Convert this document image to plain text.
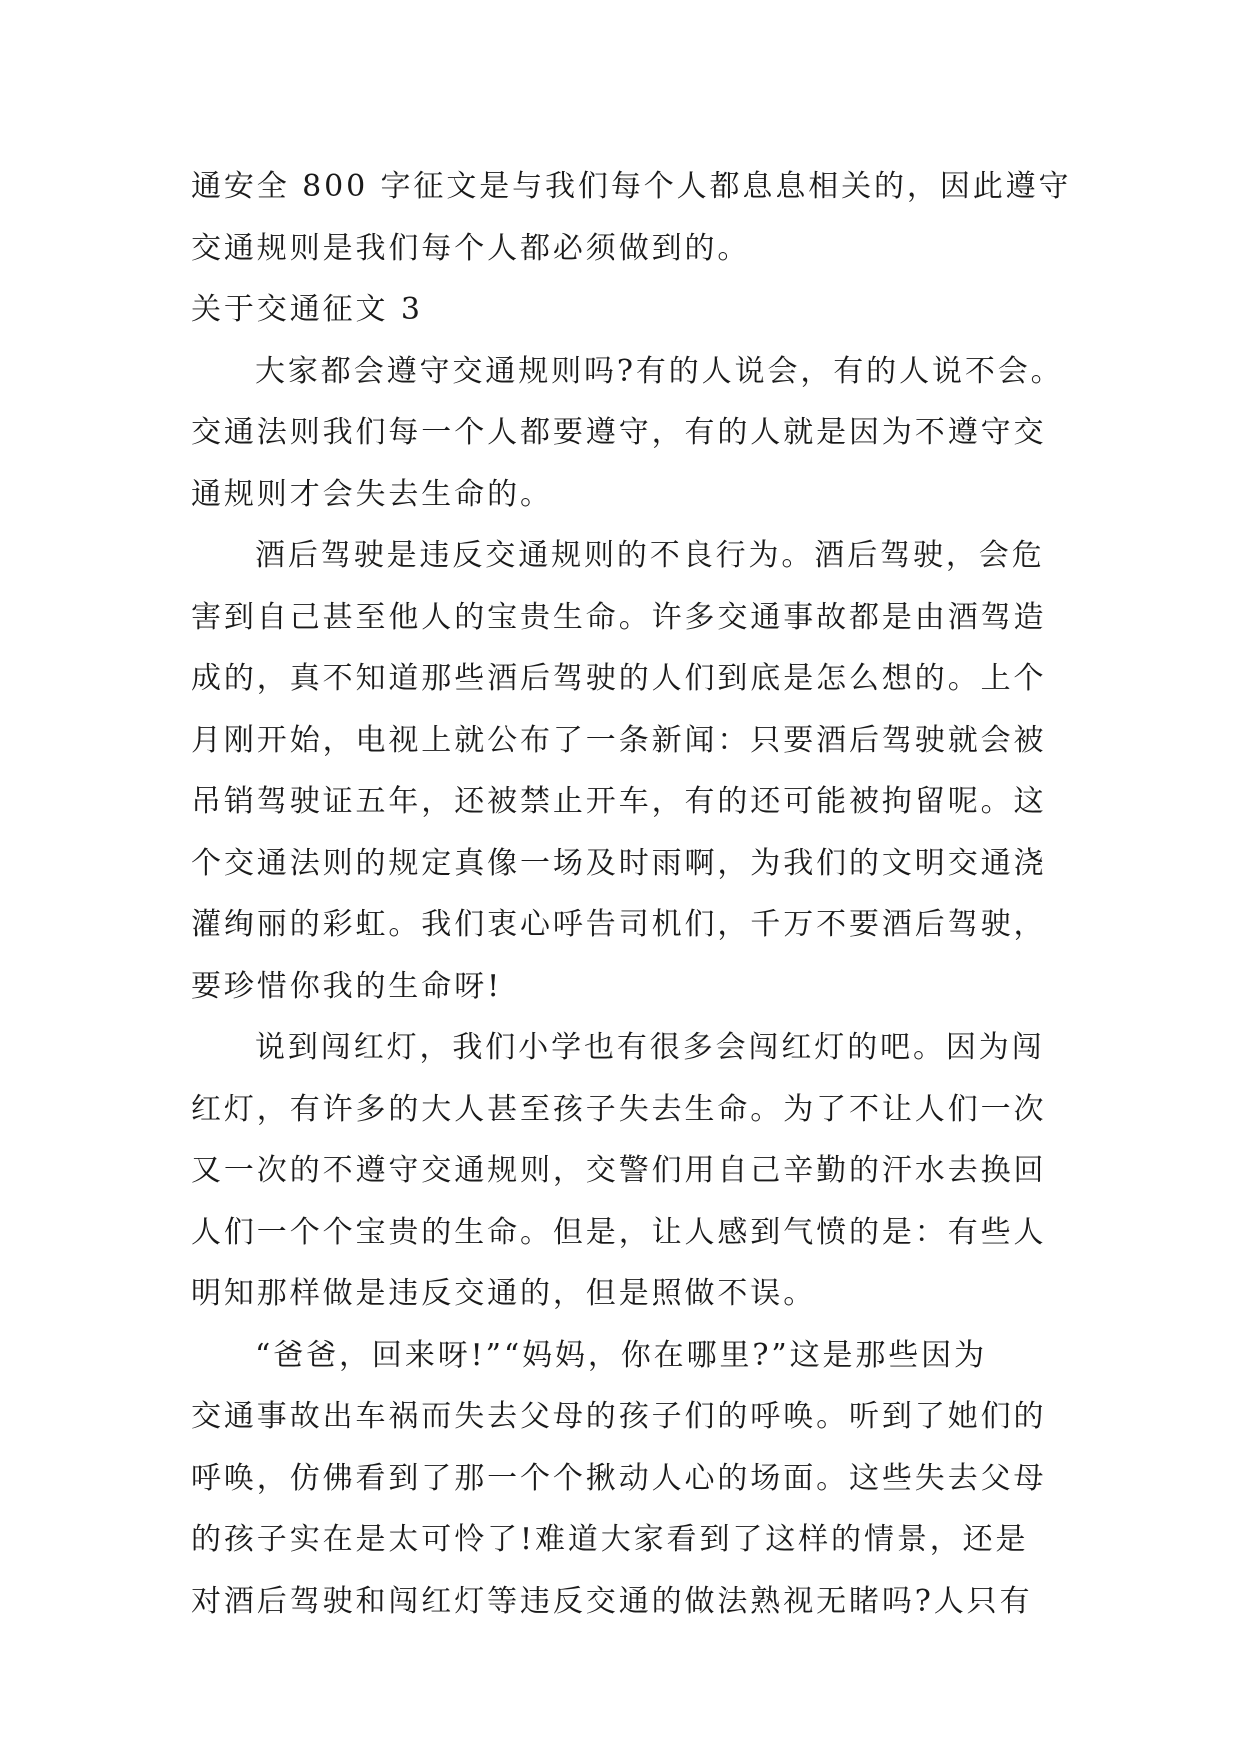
通安全 800 字征文是与我们每个人都息息相关的，因此遵守
交通规则是我们每个人都必须做到的。
关于交通征文 3
大家都会遵守交通规则吗?有的人说会，有的人说不会。
交通法则我们每一个人都要遵守，有的人就是因为不遵守交
通规则才会失去生命的。
酒后驾驶是违反交通规则的不良行为。酒后驾驶，会危
害到自己甚至他人的宝贵生命。许多交通事故都是由酒驾造
成的，真不知道那些酒后驾驶的人们到底是怎么想的。上个
月刚开始，电视上就公布了一条新闻：只要酒后驾驶就会被
吊销驾驶证五年，还被禁止开车，有的还可能被拘留呢。这
个交通法则的规定真像一场及时雨啊，为我们的文明交通浇
灌绚丽的彩虹。我们衷心呼告司机们，千万不要酒后驾驶，
要珍惜你我的生命呀!
说到闯红灯，我们小学也有很多会闯红灯的吧。因为闯
红灯，有许多的大人甚至孩子失去生命。为了不让人们一次
又一次的不遵守交通规则，交警们用自己辛勤的汗水去换回
人们一个个宝贵的生命。但是，让人感到气愤的是：有些人
明知那样做是违反交通的，但是照做不误。
“爸爸，回来呀!”“妈妈，你在哪里?”这是那些因为
交通事故出车祸而失去父母的孩子们的呼唤。听到了她们的
呼唤，仿佛看到了那一个个揪动人心的场面。这些失去父母
的孩子实在是太可怜了!难道大家看到了这样的情景，还是
对酒后驾驶和闯红灯等违反交通的做法熟视无睹吗?人只有
